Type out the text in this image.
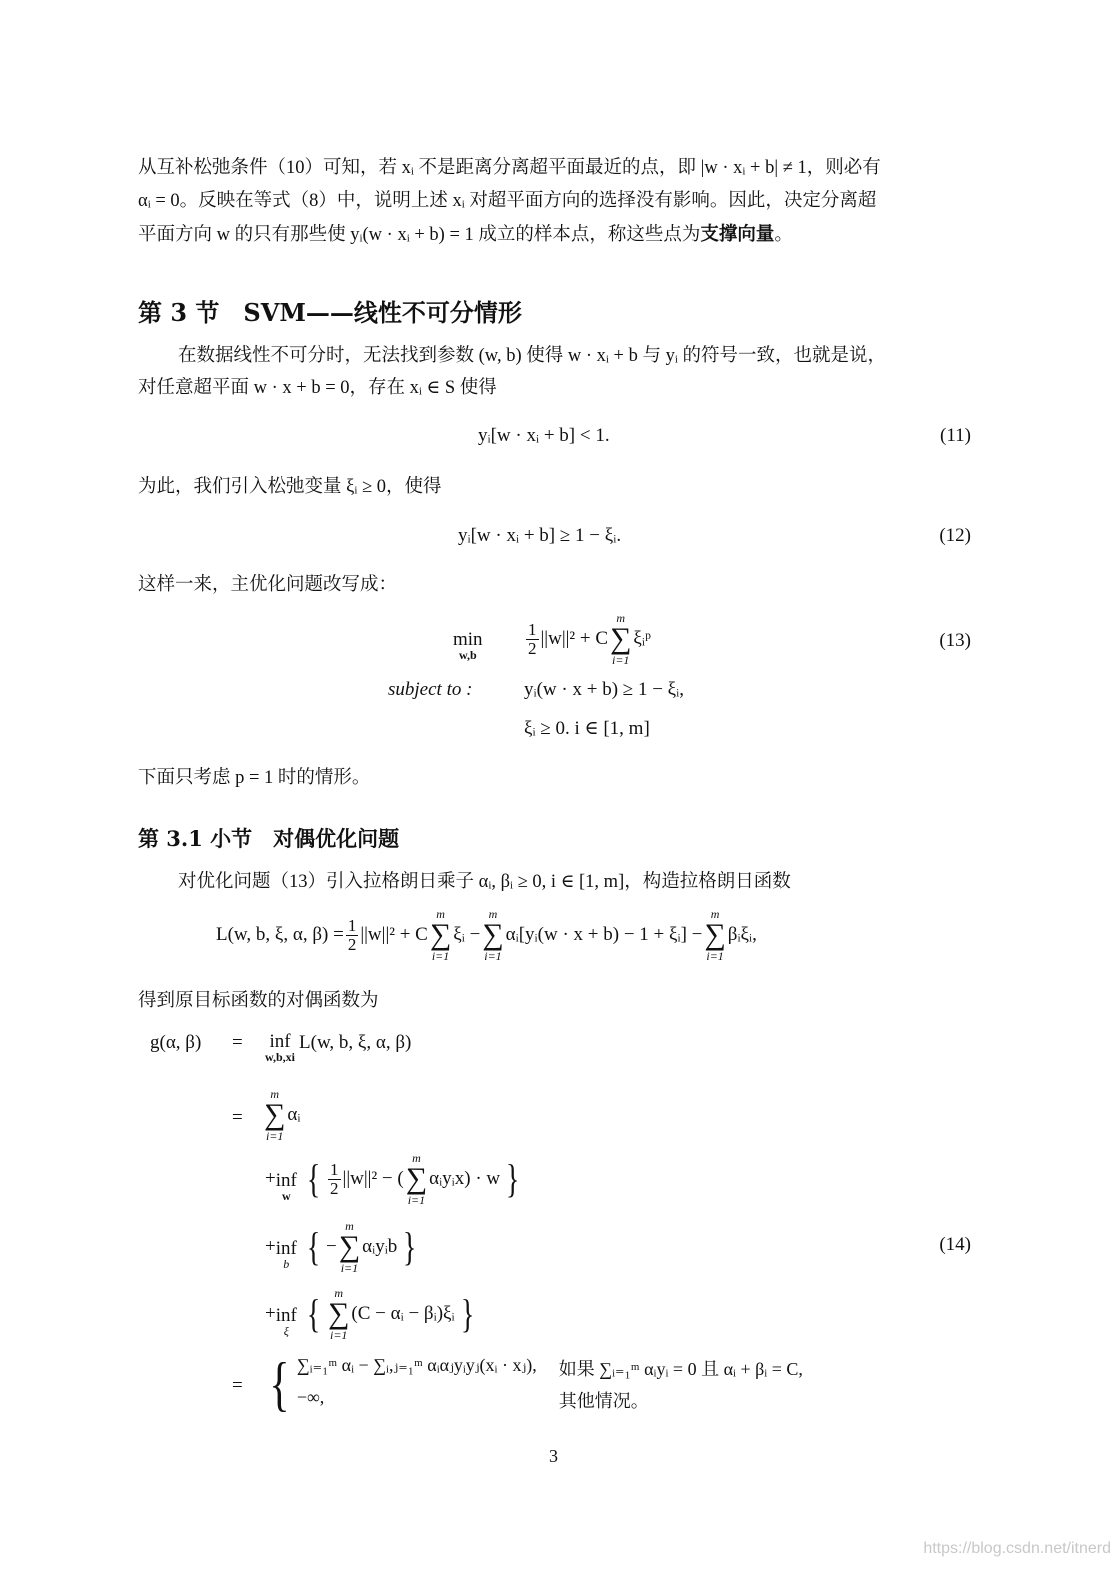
从互补松弛条件（10）可知，若 xᵢ 不是距离分离超平面最近的点，即 |w · xᵢ + b| ≠ 1，则必有
αᵢ = 0。反映在等式（8）中，说明上述 xᵢ 对超平面方向的选择没有影响。因此，决定分离超
平面方向 w 的只有那些使 yᵢ(w · xᵢ + b) = 1 成立的样本点，称这些点为支撑向量。
第 3 节　SVM——线性不可分情形
在数据线性不可分时，无法找到参数 (w, b) 使得 w · xᵢ + b 与 yᵢ 的符号一致，也就是说，
对任意超平面 w · x + b = 0，存在 xᵢ ∈ S 使得
yᵢ[w · xᵢ + b] < 1.	(11)
为此，我们引入松弛变量 ξᵢ ≥ 0，使得
yᵢ[w · xᵢ + b] ≥ 1 − ξᵢ.	(12)
这样一来，主优化问题改写成：
min
w,b	$\frac{1}{2} ||w||^2 + C$
m
∑
i=1
ξᵢᵖ	(13)
subject to :	yᵢ(w · x + b) ≥ 1 − ξᵢ,
ξᵢ ≥ 0. i ∈ [1, m]
下面只考虑 p = 1 时的情形。
第 3.1 小节　对偶优化问题
对优化问题（13）引入拉格朗日乘子 αᵢ, βᵢ ≥ 0, i ∈ [1, m]，构造拉格朗日函数
L(w, b, ξ, α, $\beta) = \frac{1}{2} ||w||^2 + C$
m
∑
i=1
ξᵢ −
m
∑
i=1
αᵢ[yᵢ(w · x + b) − 1 + ξᵢ] −
m
∑
i=1
βᵢξᵢ,
得到原目标函数的对偶函数为
g(α, β) = inf
w,b,xi
L(w, b, ξ, α, β)
=
m
∑
i=1
αᵢ
+ inf
w { $\frac{1}{2} ||w||^2$ − (
m
∑
i=1
αᵢyᵢx) · w }
+ inf
b { −
m
∑
i=1
αᵢyᵢb }	(14)
+ inf
ξ { m
∑
i=1
(C − αᵢ − βᵢ)ξᵢ }
= { ∑ᵢ₌₁ᵐ αᵢ − ∑ᵢ,ⱼ₌₁ᵐ αᵢαⱼyᵢyⱼ(xᵢ · xⱼ), 如果 ∑ᵢ₌₁ᵐ αᵢyᵢ = 0 且 αᵢ + βᵢ = C,
−∞,	其他情况。
3
https://blog.csdn.net/itnerd
